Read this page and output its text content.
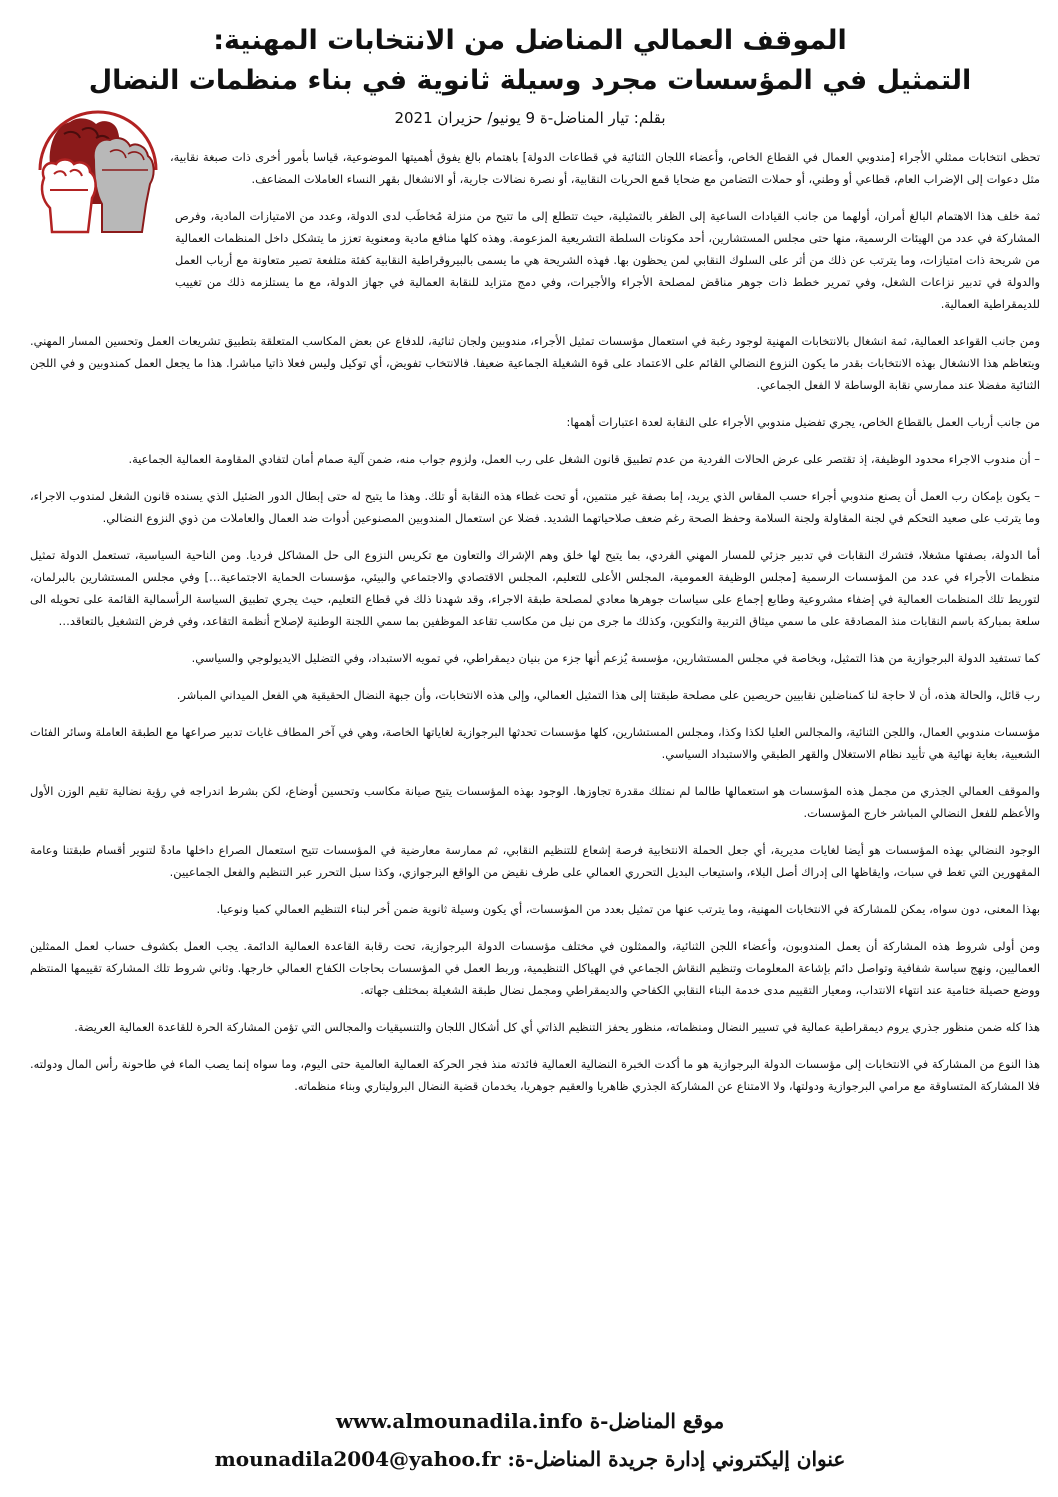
الموقف العمالي المناضل من الانتخابات المهنية:
التمثيل في المؤسسات مجرد وسيلة ثانوية في بناء منظمات النضال
بقلم: تيار المناضل-ة 9 يونيو/ حزيران 2021

تحظى انتخابات ممثلي الأجراء [مندوبي العمال في القطاع الخاص، وأعضاء اللجان الثنائية في قطاعات الدولة] باهتمام بالغ يفوق أهميتها الموضوعية، قياسا بأمور أخرى ذات صبغة نقابية، مثل دعوات إلى الإضراب العام، قطاعي أو وطني، أو حملات التضامن مع ضحايا قمع الحريات النقابية، أو نصرة نضالات جارية، أو الانشغال بقهر النساء العاملات المضاعف.

ثمة خلف هذا الاهتمام البالغ أمران، أولهما من جانب القيادات الساعية إلى الظفر بالتمثيلية، حيث تتطلع إلى ما تتيح من منزلة مُخاطَب لدى الدولة، وعدد من الامتيازات المادية، وفرص المشاركة في عدد من الهيئات الرسمية، منها حتى مجلس المستشارين، أحد مكونات السلطة التشريعية المزعومة. وهذه كلها منافع مادية ومعنوية تعزز ما يتشكل داخل المنظمات العمالية من شريحة ذات امتيازات، وما يترتب عن ذلك من أثر على السلوك النقابي لمن يحظون بها. فهذه الشريحة هي ما يسمى بالبيروقراطية النقابية كفئة متلفعة تصير متعاونة مع أرباب العمل والدولة في تدبير نزاعات الشغل، وفي تمرير خطط ذات جوهر مناقض لمصلحة الأجراء والأجيرات، وفي دمج متزايد للنقابة العمالية في جهاز الدولة، مع ما يستلزمه ذلك من تغييب للديمقراطية العمالية.

ومن جانب القواعد العمالية، ثمة انشغال بالانتخابات المهنية لوجود رغبة في استعمال مؤسسات تمثيل الأجراء، مندوبين ولجان ثنائية، للدفاع عن بعض المكاسب المتعلقة بتطبيق تشريعات العمل وتحسين المسار المهني. ويتعاظم هذا الانشغال بهذه الانتخابات بقدر ما يكون النزوع النضالي القائم على الاعتماد على قوة الشغيلة الجماعية ضعيفا. فالانتخاب تفويض، أي توكيل وليس فعلا ذاتيا مباشرا. هذا ما يجعل العمل كمندوبين و في اللجن الثنائية مفضلا عند ممارسي نقابة الوساطة لا الفعل الجماعي.

من جانب أرباب العمل بالقطاع الخاص، يجري تفضيل مندوبي الأجراء على النقابة لعدة اعتبارات أهمها:

– أن مندوب الاجراء محدود الوظيفة، إذ تقتصر على عرض الحالات الفردية من عدم تطبيق قانون الشغل على رب العمل، ولزوم جواب منه، ضمن آلية صمام أمان لتفادي المقاومة العمالية الجماعية.

– يكون بإمكان رب العمل أن يصنع مندوبي أجراء حسب المقاس الذي يريد، إما بصفة غير منتمين، أو تحت غطاء هذه النقابة أو تلك. وهذا ما يتيح له حتى إبطال الدور الضئيل الذي يسنده قانون الشغل لمندوب الاجراء، وما يترتب على صعيد التحكم في لجنة المقاولة ولجنة السلامة وحفظ الصحة رغم ضعف صلاحياتهما الشديد. فضلا عن استعمال المندوبين المصنوعين أدوات ضد العمال والعاملات من ذوي النزوع النضالي.

أما الدولة، بصفتها مشغلا، فتشرك النقابات في تدبير جزئي للمسار المهني الفردي، بما يتيح لها خلق وهم الإشراك والتعاون مع تكريس النزوع الى حل المشاكل فرديا. ومن الناحية السياسية، تستعمل الدولة تمثيل منظمات الأجراء في عدد من المؤسسات الرسمية [مجلس الوظيفة العمومية، المجلس الأعلى للتعليم، المجلس الاقتصادي والاجتماعي والبيئي، مؤسسات الحماية الاجتماعية…] وفي مجلس المستشارين بالبرلمان، لتوريط تلك المنظمات العمالية في إضفاء مشروعية وطابع إجماع على سياسات جوهرها معادي لمصلحة طبقة الاجراء، وقد شهدنا ذلك في قطاع التعليم، حيث يجري تطبيق السياسة الرأسمالية القائمة على تحويله الى سلعة بمباركة باسم النقابات منذ المصادقة على ما سمي ميثاق التربية والتكوين، وكذلك ما جرى من نيل من مكاسب تقاعد الموظفين بما سمي اللجنة الوطنية لإصلاح أنظمة التقاعد، وفي فرض التشغيل بالتعاقد…

كما تستفيد الدولة البرجوازية من هذا التمثيل، وبخاصة في مجلس المستشارين، مؤسسة يُزعم أنها جزء من بنيان ديمقراطي، في تمويه الاستبداد، وفي التضليل الايديولوجي والسياسي.

رب قائل، والحالة هذه، أن لا حاجة لنا كمناضلين نقابيين حريصين على مصلحة طبقتنا إلى هذا التمثيل العمالي، وإلى هذه الانتخابات، وأن جبهة النضال الحقيقية هي الفعل الميداني المباشر.

مؤسسات مندوبي العمال، واللجن الثنائية، والمجالس العليا لكذا وكذا، ومجلس المستشارين، كلها مؤسسات تحدثها البرجوازية لغاياتها الخاصة، وهي في آخر المطاف غايات تدبير صراعها مع الطبقة العاملة وسائر الفئات الشعبية، بغاية نهائية هي تأبيد نظام الاستغلال والقهر الطبقي والاستبداد السياسي.

والموقف العمالي الجذري من مجمل هذه المؤسسات هو استعمالها طالما لم نمتلك مقدرة تجاوزها. الوجود بهذه المؤسسات يتيح صيانة مكاسب وتحسين أوضاع، لكن بشرط اندراجه في رؤية نضالية تقيم الوزن الأول والأعظم للفعل النضالي المباشر خارج المؤسسات.

الوجود النضالي بهذه المؤسسات هو أيضا لغايات مديرية، أي جعل الحملة الانتخابية فرصة إشعاع للتنظيم النقابي، ثم ممارسة معارضية في المؤسسات تتيح استعمال الصراع داخلها مادةً لتنوير أقسام طبقتنا وعامة المقهورين التي تغط في سبات، وايقاظها الى إدراك أصل البلاء، واستيعاب البديل التحرري العمالي على طرف نقيض من الواقع البرجوازي، وكذا سبل التحرر عبر التنظيم والفعل الجماعيين.

بهذا المعنى، دون سواه، يمكن للمشاركة في الانتخابات المهنية، وما يترتب عنها من تمثيل بعدد من المؤسسات، أي يكون وسيلة ثانوية ضمن أخر لبناء التنظيم العمالي كميا ونوعيا.

ومن أولى شروط هذه المشاركة أن يعمل المندوبون، وأعضاء اللجن الثنائية، والممثلون في مختلف مؤسسات الدولة البرجوازية، تحت رقابة القاعدة العمالية الدائمة. يجب العمل بكشوف حساب لعمل الممثلين العماليين، ونهج سياسة شفافية وتواصل دائم بإشاعة المعلومات وتنظيم النقاش الجماعي في الهياكل التنظيمية، وربط العمل في المؤسسات بحاجات الكفاح العمالي خارجها. وثاني شروط تلك المشاركة تقييمها المنتظم ووضع حصيلة ختامية عند انتهاء الانتداب، ومعيار التقييم مدى خدمة البناء النقابي الكفاحي والديمقراطي ومجمل نضال طبقة الشغيلة بمختلف جهاته.

هذا كله ضمن منظور جذري يروم ديمقراطية عمالية في تسيير النضال ومنظماته، منظور يحفز التنظيم الذاتي أي كل أشكال اللجان والتنسيقيات والمجالس التي تؤمن المشاركة الحرة للقاعدة العمالية العريضة.

هذا النوع من المشاركة في الانتخابات إلى مؤسسات الدولة البرجوازية هو ما أكدت الخبرة النضالية العمالية فائدته منذ فجر الحركة العمالية العالمية حتى اليوم، وما سواه إنما يصب الماء في طاحونة رأس المال ودولته. فلا المشاركة المتساوقة مع مرامي البرجوازية ودولتها، ولا الامتناع عن المشاركة الجذري ظاهريا والعقيم جوهريا، يخدمان قضية النضال البروليتاري وبناء منظماته.

www.almounadila.info موقع المناضل-ة
mounadila2004@yahoo.fr عنوان إليكتروني إدارة جريدة المناضل-ة:
